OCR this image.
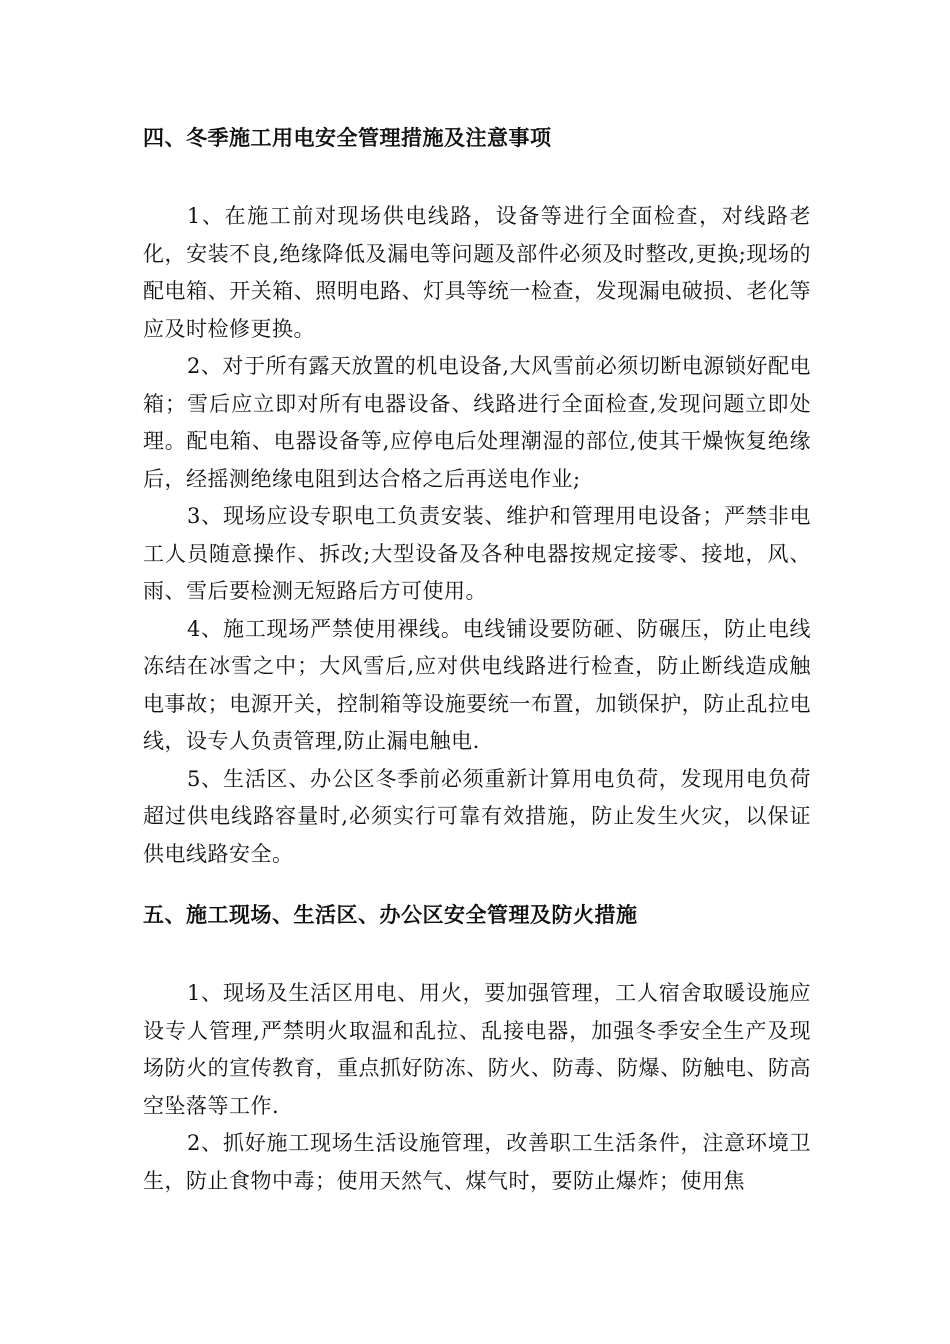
四、冬季施工用电安全管理措施及注意事项

1、在施工前对现场供电线路，设备等进行全面检查，对线路老化，安装不良,绝缘降低及漏电等问题及部件必须及时整改,更换;现场的配电箱、开关箱、照明电路、灯具等统一检查，发现漏电破损、老化等应及时检修更换。

2、对于所有露天放置的机电设备,大风雪前必须切断电源锁好配电箱；雪后应立即对所有电器设备、线路进行全面检查,发现问题立即处理。配电箱、电器设备等,应停电后处理潮湿的部位,使其干燥恢复绝缘后，经摇测绝缘电阻到达合格之后再送电作业;

3、现场应设专职电工负责安装、维护和管理用电设备；严禁非电工人员随意操作、拆改;大型设备及各种电器按规定接零、接地，风、雨、雪后要检测无短路后方可使用。

4、施工现场严禁使用裸线。电线铺设要防砸、防碾压，防止电线冻结在冰雪之中；大风雪后,应对供电线路进行检查，防止断线造成触电事故；电源开关，控制箱等设施要统一布置，加锁保护，防止乱拉电线，设专人负责管理,防止漏电触电.

5、生活区、办公区冬季前必须重新计算用电负荷，发现用电负荷超过供电线路容量时,必须实行可靠有效措施，防止发生火灾，以保证供电线路安全。

五、施工现场、生活区、办公区安全管理及防火措施

1、现场及生活区用电、用火，要加强管理，工人宿舍取暖设施应设专人管理,严禁明火取温和乱拉、乱接电器，加强冬季安全生产及现场防火的宣传教育，重点抓好防冻、防火、防毒、防爆、防触电、防高空坠落等工作.

2、抓好施工现场生活设施管理，改善职工生活条件，注意环境卫生，防止食物中毒；使用天然气、煤气时，要防止爆炸；使用焦
